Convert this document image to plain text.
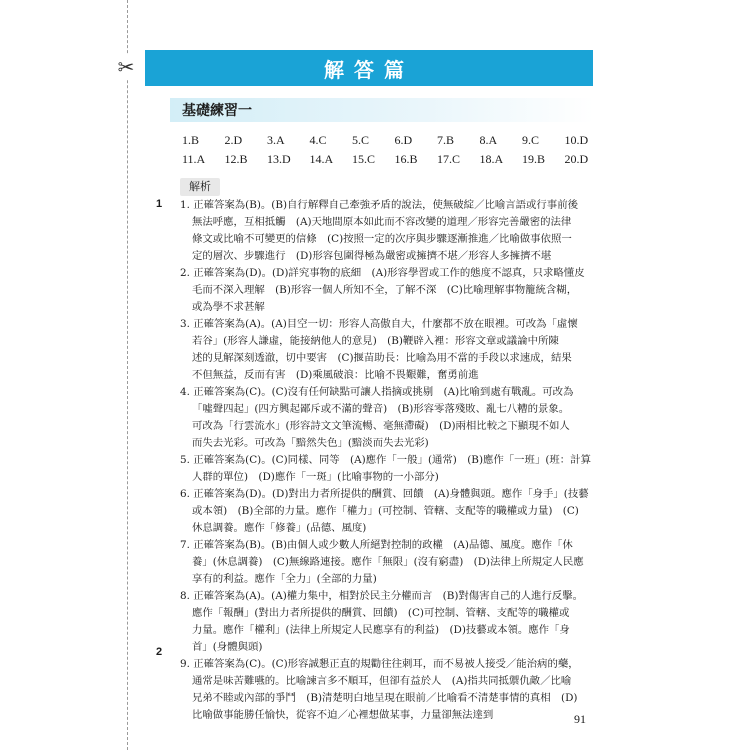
✂	解答篇
基礎練習一
1.B	2.D	3.A	4.C	5.C	6.D	7.B	8.A	9.C	10.D
11.A	12.B	13.D	14.A	15.C	16.B	17.C	18.A	19.B	20.D
解析
1
2
1. 正確答案為(B)。(B)自行解釋自己牽強矛盾的說法，使無破綻／比喻言語或行事前後
無法呼應，互相抵觸　(A)天地間原本如此而不容改變的道理／形容完善嚴密的法律
條文或比喻不可變更的信條　(C)按照一定的次序與步驟逐漸推進／比喻做事依照一
定的層次、步驟進行　(D)形容包圍得極為嚴密或擁擠不堪／形容人多擁擠不堪
2. 正確答案為(D)。(D)詳究事物的底細　(A)形容學習或工作的態度不認真，只求略懂皮
毛而不深入理解　(B)形容一個人所知不全，了解不深　(C)比喻理解事物籠統含糊，
或為學不求甚解
3. 正確答案為(A)。(A)目空一切：形容人高傲自大，什麼都不放在眼裡。可改為「虛懷
若谷」(形容人謙虛，能接納他人的意見)　(B)鞭辟入裡：形容文章或議論中所陳
述的見解深刻透澈，切中要害　(C)揠苗助長：比喻為用不當的手段以求速成，結果
不但無益，反而有害　(D)乘風破浪：比喻不畏艱難，奮勇前進
4. 正確答案為(C)。(C)沒有任何缺點可讓人指摘或挑剔　(A)比喻到處有戰亂。可改為
「噓聲四起」(四方興起鄙斥或不滿的聲音)　(B)形容零落殘敗、亂七八糟的景象。
可改為「行雲流水」(形容詩文文筆流暢、毫無滯礙)　(D)兩相比較之下顯現不如人
而失去光彩。可改為「黯然失色」(黯淡而失去光彩)
5. 正確答案為(C)。(C)同樣、同等　(A)應作「一般」(通常)　(B)應作「一班」(班：計算
人群的單位)　(D)應作「一斑」(比喻事物的一小部分)
6. 正確答案為(D)。(D)對出力者所提供的酬賞、回饋　(A)身體與頭。應作「身手」(技藝
或本領)　(B)全部的力量。應作「權力」(可控制、管轄、支配等的職權或力量)　(C)
休息調養。應作「修養」(品德、風度)
7. 正確答案為(B)。(B)由個人或少數人所絕對控制的政權　(A)品德、風度。應作「休
養」(休息調養)　(C)無線路連接。應作「無限」(沒有窮盡)　(D)法律上所規定人民應
享有的利益。應作「全力」(全部的力量)
8. 正確答案為(A)。(A)權力集中，相對於民主分權而言　(B)對傷害自己的人進行反擊。
應作「報酬」(對出力者所提供的酬賞、回饋)　(C)可控制、管轄、支配等的職權或
力量。應作「權利」(法律上所規定人民應享有的利益)　(D)技藝或本領。應作「身
首」(身體與頭)
9. 正確答案為(C)。(C)形容誠懇正直的規勸往往刺耳，而不易被人接受／能治病的藥，
通常是味苦難嚥的。比喻諫言多不順耳，但卻有益於人　(A)指共同抵禦仇敵／比喻
兄弟不睦或內部的爭鬥　(B)清楚明白地呈現在眼前／比喻看不清楚事情的真相　(D)
比喻做事能勝任愉快，從容不迫／心裡想做某事，力量卻無法達到	91
